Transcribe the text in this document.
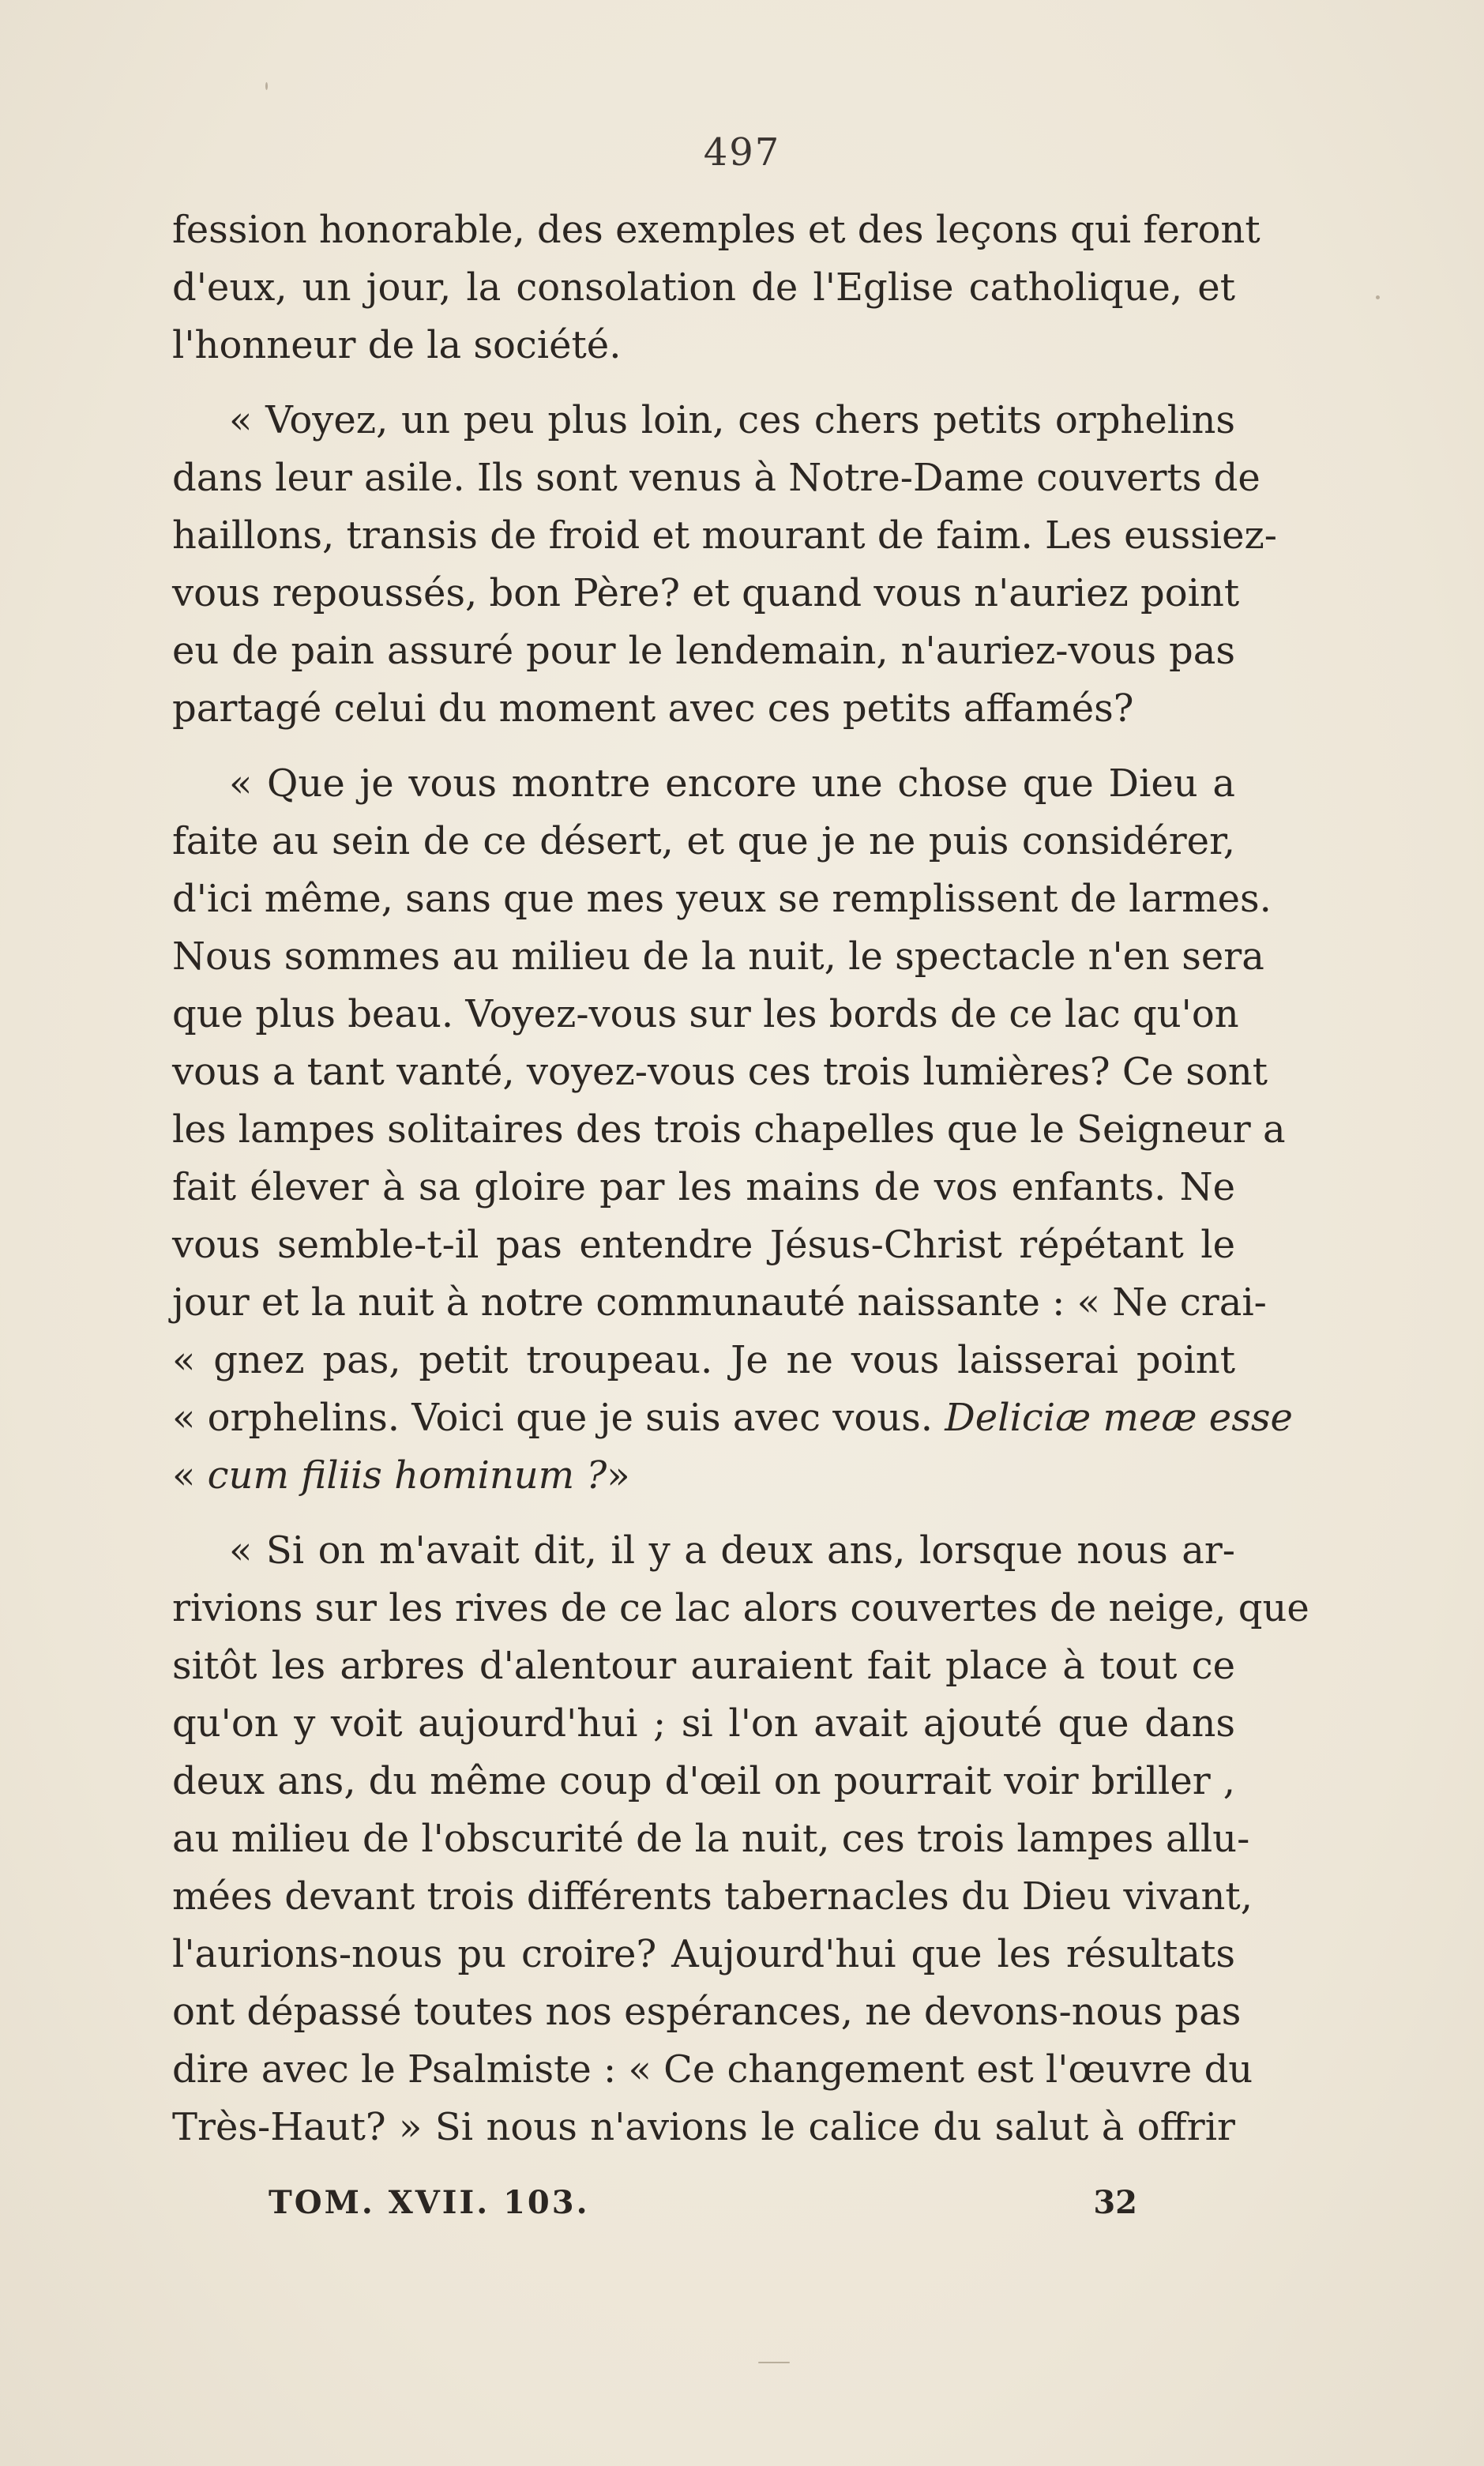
497
fession honorable, des exemples et des leçons qui feront
d'eux, un jour, la consolation de l'Eglise catholique, et
l'honneur de la société.
« Voyez, un peu plus loin, ces chers petits orphelins
dans leur asile. Ils sont venus à Notre-Dame couverts de
haillons, transis de froid et mourant de faim. Les eussiez-
vous repoussés, bon Père? et quand vous n'auriez point
eu de pain assuré pour le lendemain, n'auriez-vous pas
partagé celui du moment avec ces petits affamés?
« Que je vous montre encore une chose que Dieu a
faite au sein de ce désert, et que je ne puis considérer,
d'ici même, sans que mes yeux se remplissent de larmes.
Nous sommes au milieu de la nuit, le spectacle n'en sera
que plus beau. Voyez-vous sur les bords de ce lac qu'on
vous a tant vanté, voyez-vous ces trois lumières? Ce sont
les lampes solitaires des trois chapelles que le Seigneur a
fait élever à sa gloire par les mains de vos enfants. Ne
vous semble-t-il pas entendre Jésus-Christ répétant le
jour et la nuit à notre communauté naissante : « Ne crai-
« gnez pas, petit troupeau. Je ne vous laisserai point
« orphelins. Voici que je suis avec vous. Deliciæ meæ esse
« cum filiis hominum ?»
« Si on m'avait dit, il y a deux ans, lorsque nous ar-
rivions sur les rives de ce lac alors couvertes de neige, que
sitôt les arbres d'alentour auraient fait place à tout ce
qu'on y voit aujourd'hui ; si l'on avait ajouté que dans
deux ans, du même coup d'œil on pourrait voir briller ,
au milieu de l'obscurité de la nuit, ces trois lampes allu-
mées devant trois différents tabernacles du Dieu vivant,
l'aurions-nous pu croire? Aujourd'hui que les résultats
ont dépassé toutes nos espérances, ne devons-nous pas
dire avec le Psalmiste : « Ce changement est l'œuvre du
Très-Haut? » Si nous n'avions le calice du salut à offrir
TOM. XVII. 103.	32
